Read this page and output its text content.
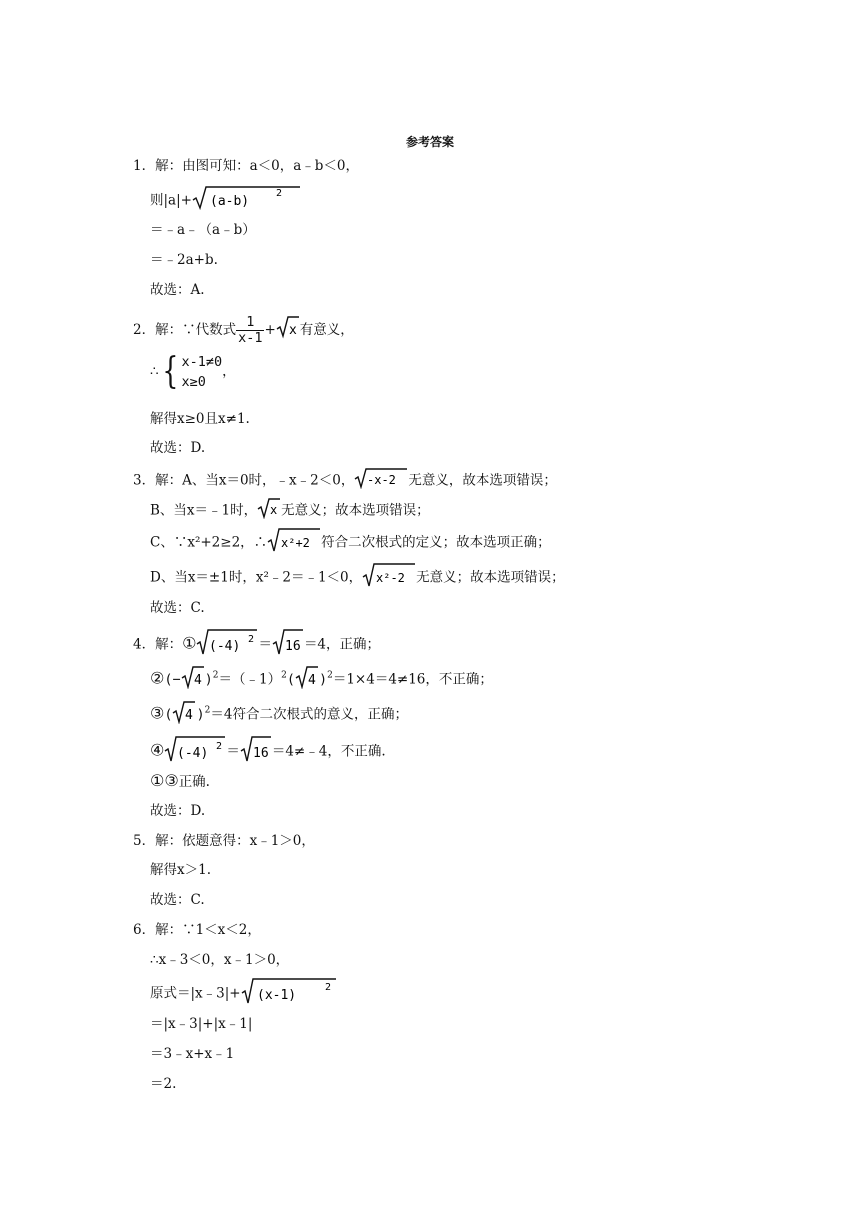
参考答案
1．解：由图可知：a＜0，a﹣b＜0，
则|a|+ (a-b)
2
＝﹣a﹣（a﹣b）
＝﹣2a+b.
故选：A.
2．解：∵代数式 $\frac{1}{x-1} + x$ 有意义，
∴{ x-1≠0
x≥0
，
解得x≥0且x≠1.
故选：D.
3．解：A、当x＝0时，﹣x﹣2＜0， -x-2 无意义，故本选项错误；
B、当x＝﹣1时， x 无意义；故本选项错误；
C、∵x²+2≥2，∴ x²+2 符合二次根式的定义；故本选项正确；
D、当x＝±1时，x²﹣2＝﹣1＜0， x²-2 无意义；故本选项错误；
故选：C.
4．解：① (-4) 2 ＝ 16 ＝4，正确；
②(− 4 )$^2$＝（﹣1）$^2$( 4 )$^2$＝1×4＝4≠16，不正确；
③( 4 )$^2$＝4符合二次根式的意义，正确；
④ (-4) 2 ＝ 16 ＝4≠﹣4，不正确.
①③正确.
故选：D.
5．解：依题意得：x﹣1＞0，
解得x＞1.
故选：C.
6．解：∵1＜x＜2，
∴x﹣3＜0，x﹣1＞0，
原式＝|x﹣3|+ (x-1)
2
＝|x﹣3|+|x﹣1|
＝3﹣x+x﹣1
＝2.
